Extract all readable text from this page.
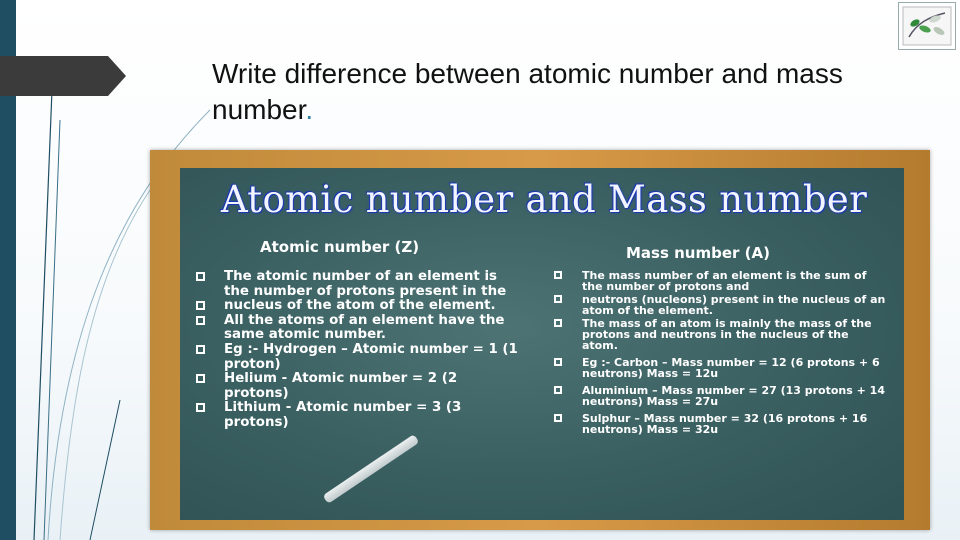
Write difference between atomic number and mass number.
Atomic number and Mass number
Atomic number (Z)	Mass number (A)
The atomic number of an element is the number of protons present in the
nucleus of the atom of the element.
All the atoms of an element have the same atomic number.
Eg :- Hydrogen – Atomic number = 1 (1 proton)
Helium - Atomic number = 2 (2 protons)
Lithium - Atomic number = 3 (3 protons)
The mass number of an element is the sum of the number of protons and
neutrons (nucleons) present in the nucleus of an atom of the element.
The mass of an atom is mainly the mass of the protons and neutrons in the nucleus of the atom.
Eg :- Carbon – Mass number = 12 (6 protons + 6 neutrons) Mass = 12u
Aluminium – Mass number = 27 (13 protons + 14 neutrons) Mass = 27u
Sulphur – Mass number = 32 (16 protons + 16 neutrons) Mass = 32u
